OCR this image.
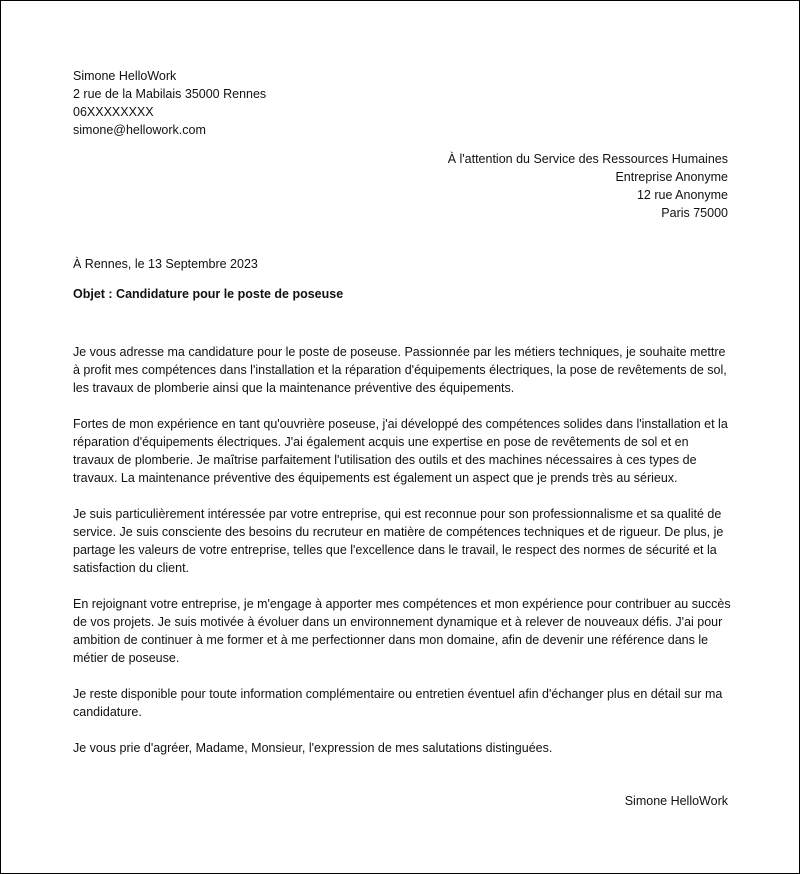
Simone HelloWork
2 rue de la Mabilais 35000 Rennes
06XXXXXXXX
simone@hellowork.com
À l'attention du Service des Ressources Humaines
Entreprise Anonyme
12 rue Anonyme
Paris 75000
À Rennes, le 13 Septembre 2023
Objet : Candidature pour le poste de poseuse

Je vous adresse ma candidature pour le poste de poseuse. Passionnée par les métiers techniques, je souhaite mettre à profit mes compétences dans l'installation et la réparation d'équipements électriques, la pose de revêtements de sol, les travaux de plomberie ainsi que la maintenance préventive des équipements.

Fortes de mon expérience en tant qu'ouvrière poseuse, j'ai développé des compétences solides dans l'installation et la réparation d'équipements électriques. J'ai également acquis une expertise en pose de revêtements de sol et en travaux de plomberie. Je maîtrise parfaitement l'utilisation des outils et des machines nécessaires à ces types de travaux. La maintenance préventive des équipements est également un aspect que je prends très au sérieux.

Je suis particulièrement intéressée par votre entreprise, qui est reconnue pour son professionnalisme et sa qualité de service. Je suis consciente des besoins du recruteur en matière de compétences techniques et de rigueur. De plus, je partage les valeurs de votre entreprise, telles que l'excellence dans le travail, le respect des normes de sécurité et la satisfaction du client.

En rejoignant votre entreprise, je m'engage à apporter mes compétences et mon expérience pour contribuer au succès de vos projets. Je suis motivée à évoluer dans un environnement dynamique et à relever de nouveaux défis. J'ai pour ambition de continuer à me former et à me perfectionner dans mon domaine, afin de devenir une référence dans le métier de poseuse.

Je reste disponible pour toute information complémentaire ou entretien éventuel afin d'échanger plus en détail sur ma candidature.

Je vous prie d'agréer, Madame, Monsieur, l'expression de mes salutations distinguées.

Simone HelloWork
